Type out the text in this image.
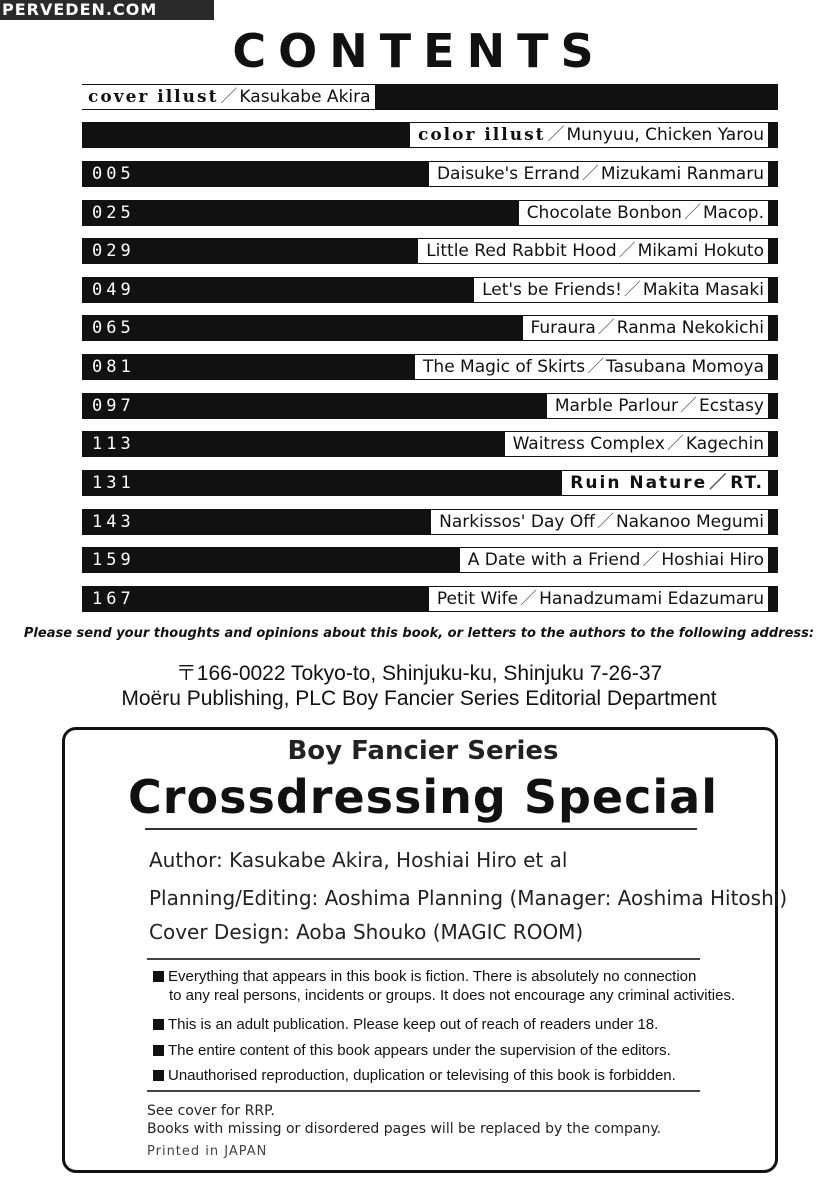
PERVEDEN.COM
CONTENTS
cover illust ／ Kasukabe Akira
color illust ／ Munyuu, Chicken Yarou
005	Daisuke's Errand ／ Mizukami Ranmaru
025	Chocolate Bonbon ／ Macop.
029	Little Red Rabbit Hood ／ Mikami Hokuto
049	Let's be Friends! ／ Makita Masaki
065	Furaura ／ Ranma Nekokichi
081	The Magic of Skirts ／ Tasubana Momoya
097	Marble Parlour ／ Ecstasy
113	Waitress Complex ／ Kagechin
131	Ruin Nature ／ RT.
143	Narkissos' Day Off ／ Nakanoo Megumi
159	A Date with a Friend ／ Hoshiai Hiro
167	Petit Wife ／ Hanadzumami Edazumaru
Please send your thoughts and opinions about this book, or letters to the authors to the following address:
〒166-0022 Tokyo-to, Shinjuku-ku, Shinjuku 7-26-37
Moëru Publishing, PLC Boy Fancier Series Editorial Department
Boy Fancier Series
Crossdressing Special
Author: Kasukabe Akira, Hoshiai Hiro et al
Planning/Editing: Aoshima Planning (Manager: Aoshima Hitoshi)
Cover Design: Aoba Shouko (MAGIC ROOM)
Everything that appears in this book is fiction. There is absolutely no connection
to any real persons, incidents or groups. It does not encourage any criminal activities.
This is an adult publication. Please keep out of reach of readers under 18.
The entire content of this book appears under the supervision of the editors.
Unauthorised reproduction, duplication or televising of this book is forbidden.
See cover for RRP.
Books with missing or disordered pages will be replaced by the company.
Printed in JAPAN
